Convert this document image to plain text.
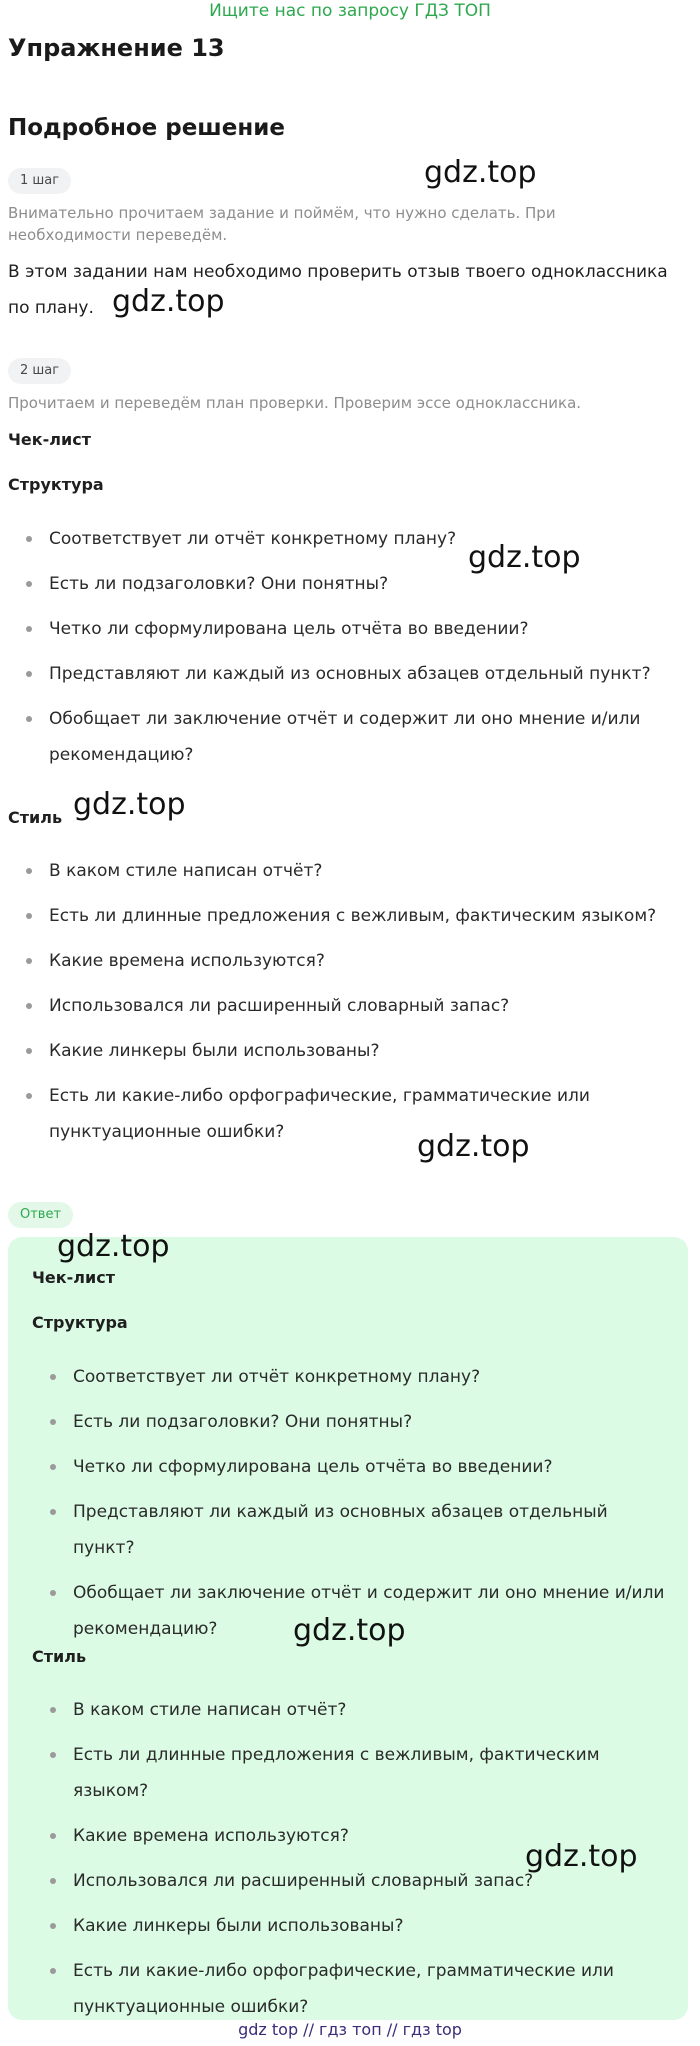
Ищите нас по запросу ГДЗ ТОП
Упражнение 13
Подробное решение
1 шаг

Внимательно прочитаем задание и поймём, что нужно сделать. При необходимости переведём.

В этом задании нам необходимо проверить отзыв твоего одноклассника по плану.

2 шаг

Прочитаем и переведём план проверки. Проверим эссе одноклассника.

Чек-лист

Структура

Соответствует ли отчёт конкретному плану?
Есть ли подзаголовки? Они понятны?
Четко ли сформулирована цель отчёта во введении?
Представляют ли каждый из основных абзацев отдельный пункт?
Обобщает ли заключение отчёт и содержит ли оно мнение и/или рекомендацию?

Стиль

В каком стиле написан отчёт?
Есть ли длинные предложения с вежливым, фактическим языком?
Какие времена используются?
Использовался ли расширенный словарный запас?
Какие линкеры были использованы?
Есть ли какие-либо орфографические, грамматические или пунктуационные ошибки?
Ответ

Чек-лист

Структура

Соответствует ли отчёт конкретному плану?
Есть ли подзаголовки? Они понятны?
Четко ли сформулирована цель отчёта во введении?
Представляют ли каждый из основных абзацев отдельный пункт?
Обобщает ли заключение отчёт и содержит ли оно мнение и/или рекомендацию?

Стиль

В каком стиле написан отчёт?
Есть ли длинные предложения с вежливым, фактическим языком?
Какие времена используются?
Использовался ли расширенный словарный запас?
Какие линкеры были использованы?
Есть ли какие-либо орфографические, грамматические или пунктуационные ошибки?
gdz.top
gdz.top
gdz.top
gdz.top
gdz.top
gdz.top
gdz.top
gdz.top
gdz top // гдз топ // гдз top
